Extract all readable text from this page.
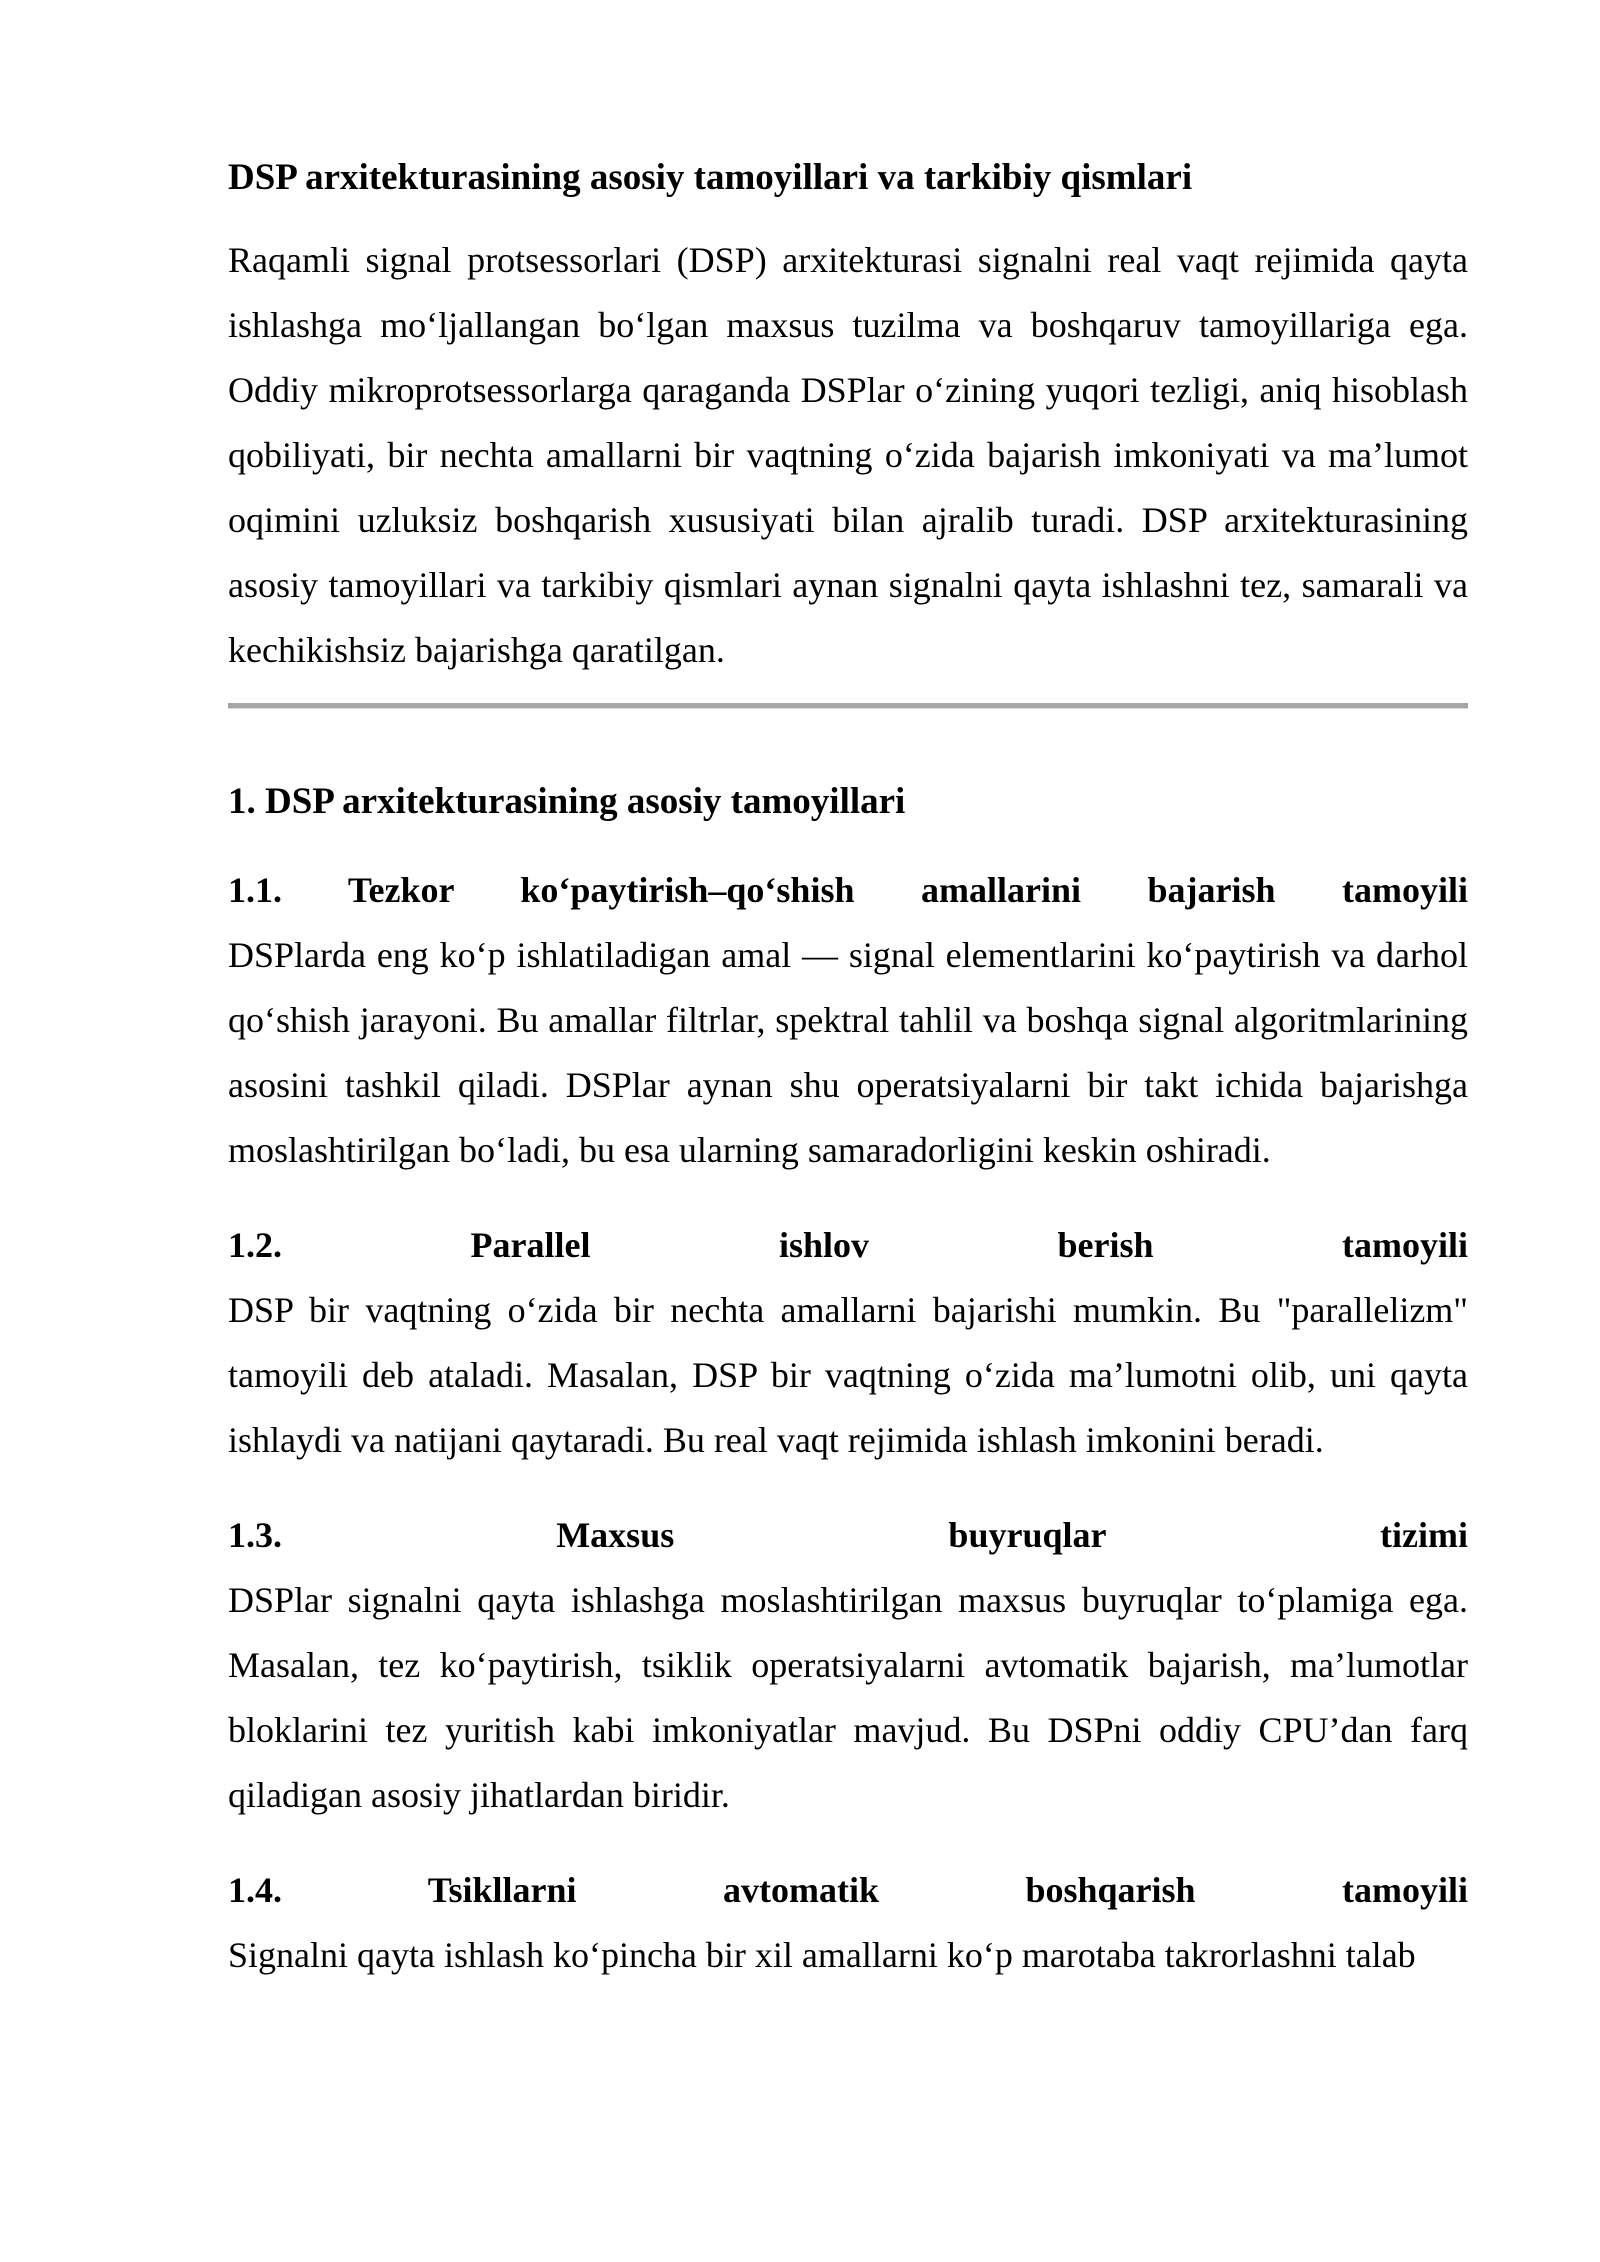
DSP arxitekturasining asosiy tamoyillari va tarkibiy qismlari

Raqamli signal protsessorlari (DSP) arxitekturasi signalni real vaqt rejimida qayta ishlashga mo‘ljallangan bo‘lgan maxsus tuzilma va boshqaruv tamoyillariga ega. Oddiy mikroprotsessorlarga qaraganda DSPlar o‘zining yuqori tezligi, aniq hisoblash qobiliyati, bir nechta amallarni bir vaqtning o‘zida bajarish imkoniyati va ma’lumot oqimini uzluksiz boshqarish xususiyati bilan ajralib turadi. DSP arxitekturasining asosiy tamoyillari va tarkibiy qismlari aynan signalni qayta ishlashni tez, samarali va kechikishsiz bajarishga qaratilgan.

1. DSP arxitekturasining asosiy tamoyillari
1.1. Tezkor ko‘paytirish–qo‘shish amallarini bajarish tamoyili

DSPlarda eng ko‘p ishlatiladigan amal — signal elementlarini ko‘paytirish va darhol qo‘shish jarayoni. Bu amallar filtrlar, spektral tahlil va boshqa signal algoritmlarining asosini tashkil qiladi. DSPlar aynan shu operatsiyalarni bir takt ichida bajarishga moslashtirilgan bo‘ladi, bu esa ularning samaradorligini keskin oshiradi.

1.2. Parallel ishlov berish tamoyili

DSP bir vaqtning o‘zida bir nechta amallarni bajarishi mumkin. Bu "parallelizm" tamoyili deb ataladi. Masalan, DSP bir vaqtning o‘zida ma’lumotni olib, uni qayta ishlaydi va natijani qaytaradi. Bu real vaqt rejimida ishlash imkonini beradi.

1.3. Maxsus buyruqlar tizimi

DSPlar signalni qayta ishlashga moslashtirilgan maxsus buyruqlar to‘plamiga ega. Masalan, tez ko‘paytirish, tsiklik operatsiyalarni avtomatik bajarish, ma’lumotlar bloklarini tez yuritish kabi imkoniyatlar mavjud. Bu DSPni oddiy CPU’dan farq qiladigan asosiy jihatlardan biridir.

1.4. Tsikllarni avtomatik boshqarish tamoyili

Signalni qayta ishlash ko‘pincha bir xil amallarni ko‘p marotaba takrorlashni talab
